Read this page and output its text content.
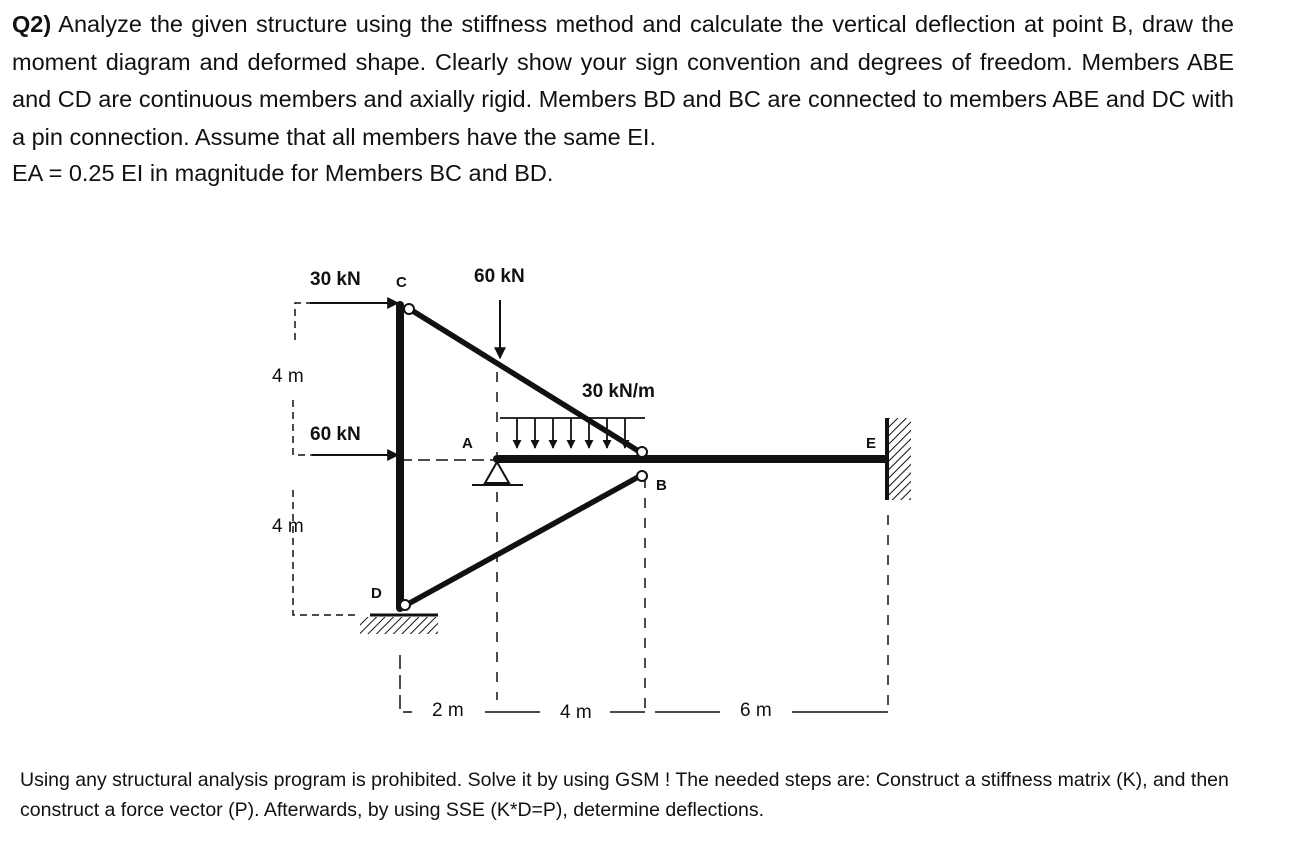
Q2) Analyze the given structure using the stiffness method and calculate the vertical deflection at point B, draw the moment diagram and deformed shape. Clearly show your sign convention and degrees of freedom. Members ABE and CD are continuous members and axially rigid. Members BD and BC are connected to members ABE and DC with a pin connection. Assume that all members have the same EI.

EA = 0.25 EI in magnitude for Members BC and BD.
30 kN
60 kN
60 kN
30 kN/m
C
A
B
D
E
4 m
4 m
2 m	4 m	6 m
Using any structural analysis program is prohibited. Solve it by using GSM ! The needed steps are: Construct a stiffness matrix (K), and then construct a force vector (P). Afterwards, by using SSE (K*D=P), determine deflections.
